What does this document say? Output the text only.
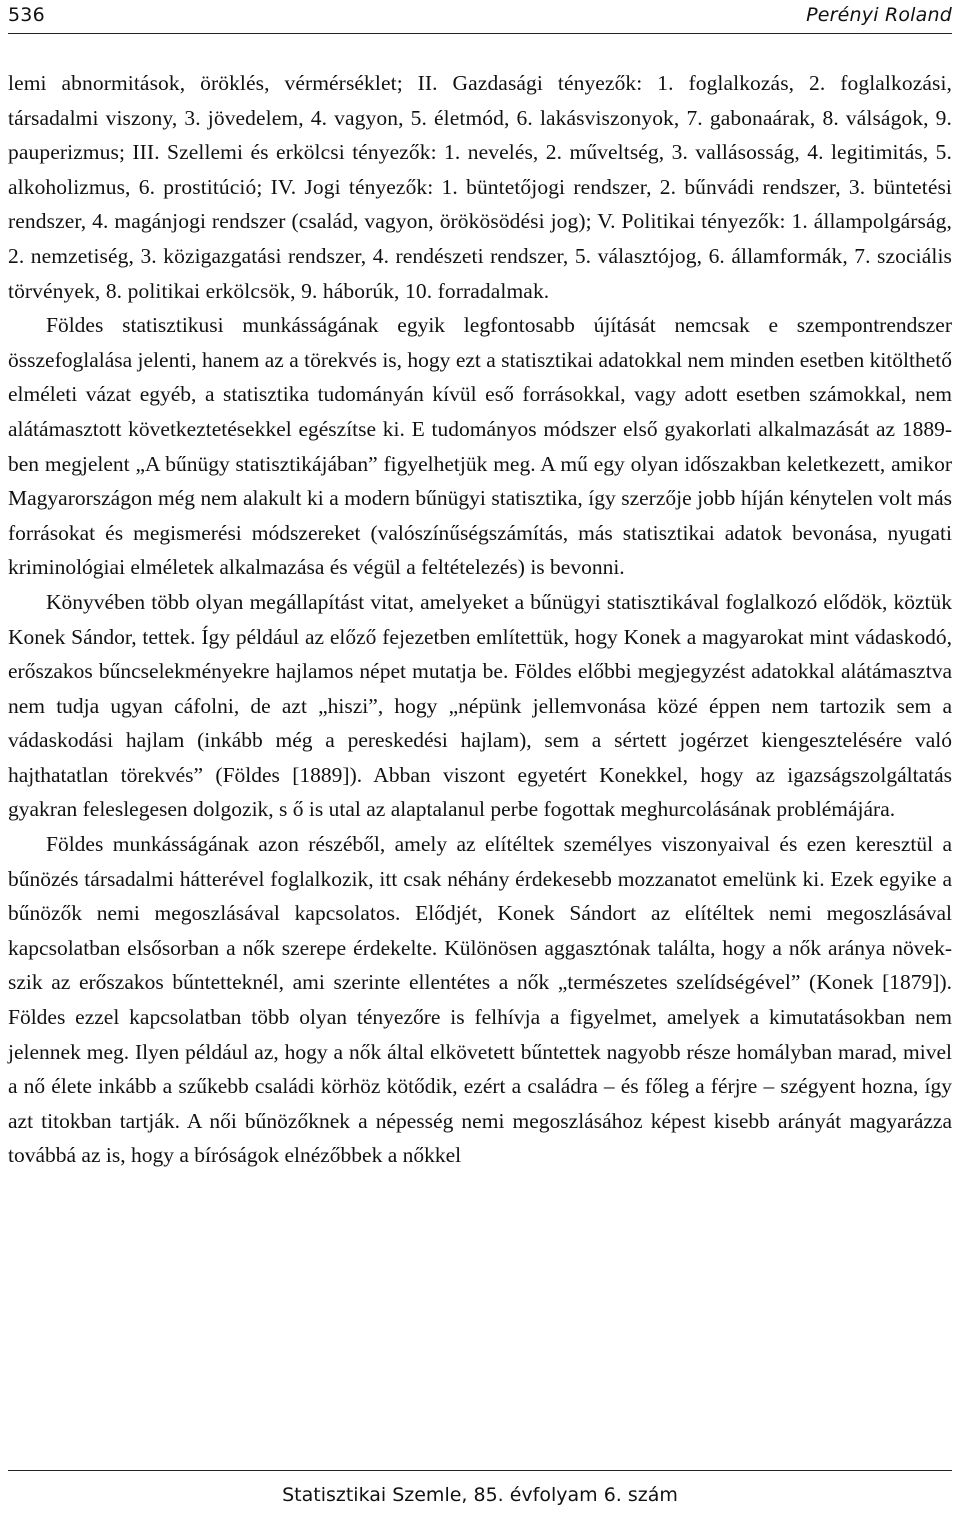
536	Perényi Roland

lemi abnormitások, öröklés, vérmérséklet; II. Gazdasági tényezők: 1. foglalkozás, 2. foglalkozási, társadalmi viszony, 3. jövedelem, 4. vagyon, 5. életmód, 6. lakásviszonyok, 7. gabonaárak, 8. válságok, 9. pauperizmus; III. Szellemi és erkölcsi tényezők: 1. nevelés, 2. műveltség, 3. vallásosság, 4. legitimitás, 5. alkoholizmus, 6. prostitúció; IV. Jogi tényezők: 1. büntetőjogi rendszer, 2. bűnvádi rendszer, 3. büntetési rendszer, 4. magánjogi rendszer (család, vagyon, örökösödési jog); V. Politikai tényezők: 1. állampolgárság, 2. nemzetiség, 3. közigazgatási rendszer, 4. rendészeti rendszer, 5. választójog, 6. államformák, 7. szociális törvények, 8. politikai erkölcsök, 9. háborúk, 10. forradalmak.

Földes statisztikusi munkásságának egyik legfontosabb újítását nemcsak e szempontrendszer összefoglalása jelenti, hanem az a törekvés is, hogy ezt a statisztikai adatokkal nem minden esetben kitölthető elméleti vázat egyéb, a statisztika tudományán kívül eső forrásokkal, vagy adott esetben számokkal, nem alátámasztott következtetésekkel egészítse ki. E tudományos módszer első gyakorlati alkalmazását az 1889-ben megjelent „A bűnügy statisztikájában” figyelhetjük meg. A mű egy olyan időszakban keletkezett, amikor Magyarországon még nem alakult ki a modern bűnügyi statisztika, így szerzője jobb híján kénytelen volt más forrásokat és megismerési módszereket (valószínűségszámítás, más statisztikai adatok bevonása, nyugati kriminológiai elméletek alkalmazása és végül a feltételezés) is bevonni.

Könyvében több olyan megállapítást vitat, amelyeket a bűnügyi statisztikával foglalkozó elődök, köztük Konek Sándor, tettek. Így például az előző fejezetben említettük, hogy Konek a magyarokat mint vádaskodó, erőszakos bűncselekményekre hajlamos népet mutatja be. Földes előbbi megjegyzést adatokkal alátámasztva nem tudja ugyan cáfolni, de azt „hiszi”, hogy „népünk jellemvonása közé éppen nem tartozik sem a vádaskodási hajlam (inkább még a pereskedési hajlam), sem a sértett jogérzet kiengesztelésére való hajthatatlan törekvés” (Földes [1889]). Abban viszont egyetért Konekkel, hogy az igazságszolgáltatás gyakran feleslegesen dolgozik, s ő is utal az alaptalanul perbe fogottak meghurcolásának problémájára.

Földes munkásságának azon részéből, amely az elítéltek személyes viszonyaival és ezen keresztül a bűnözés társadalmi hátterével foglalkozik, itt csak néhány érdekesebb mozzanatot emelünk ki. Ezek egyike a bűnözők nemi megoszlásával kapcsolatos. Elődjét, Konek Sándort az elítéltek nemi megoszlásával kapcsolatban elsősorban a nők szerepe érdekelte. Különösen aggasztónak találta, hogy a nők aránya növekszik az erőszakos bűntetteknél, ami szerinte ellentétes a nők „természetes szelídségével” (Konek [1879]). Földes ezzel kapcsolatban több olyan tényezőre is felhívja a figyelmet, amelyek a kimutatásokban nem jelennek meg. Ilyen például az, hogy a nők által elkövetett bűntettek nagyobb része homályban marad, mivel a nő élete inkább a szűkebb családi körhöz kötődik, ezért a családra – és főleg a férjre – szégyent hozna, így azt titokban tartják. A női bűnözőknek a népesség nemi megoszlásához képest kisebb arányát magyarázza továbbá az is, hogy a bíróságok elnézőbbek a nőkkel

Statisztikai Szemle, 85. évfolyam 6. szám
